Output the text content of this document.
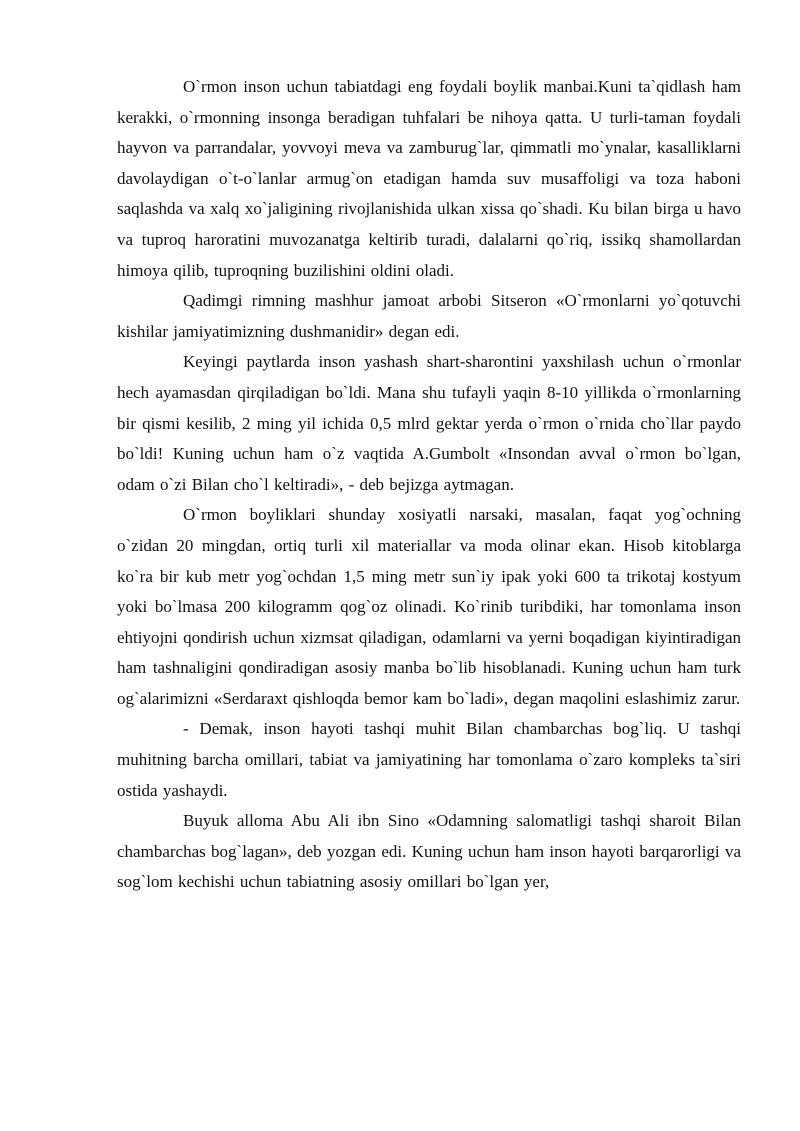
O`rmon inson uchun tabiatdagi eng foydali boylik manbai.Kuni ta`qidlash ham kerakki, o`rmonning insonga beradigan tuhfalari be nihoya qatta. U turli-taman foydali hayvon va parrandalar, yovvoyi meva va zamburug`lar, qimmatli mo`ynalar, kasalliklarni davolaydigan o`t-o`lanlar armug`on etadigan hamda suv musaffoligi va toza haboni saqlashda va xalq xo`jaligining rivojlanishida ulkan xissa qo`shadi. Ku bilan birga u havo va tuproq haroratini muvozanatga keltirib turadi, dalalarni qo`riq, issikq shamollardan himoya qilib, tuproqning buzilishini oldini oladi.

Qadimgi rimning mashhur jamoat arbobi Sitseron «O`rmonlarni yo`qotuvchi kishilar jamiyatimizning dushmanidir» degan edi.

Keyingi paytlarda inson yashash shart-sharontini yaxshilash uchun o`rmonlar hech ayamasdan qirqiladigan bo`ldi. Mana shu tufayli yaqin 8-10 yillikda o`rmonlarning bir qismi kesilib, 2 ming yil ichida 0,5 mlrd gektar yerda o`rmon o`rnida cho`llar paydo bo`ldi! Kuning uchun ham o`z vaqtida A.Gumbolt «Insondan avval o`rmon bo`lgan, odam o`zi Bilan cho`l keltiradi», - deb bejizga aytmagan.

O`rmon boyliklari shunday xosiyatli narsaki, masalan, faqat yog`ochning o`zidan 20 mingdan, ortiq turli xil materiallar va moda olinar ekan. Hisob kitoblarga ko`ra bir kub metr yog`ochdan 1,5 ming metr sun`iy ipak yoki 600 ta trikotaj kostyum yoki bo`lmasa 200 kilogramm qog`oz olinadi. Ko`rinib turibdiki, har tomonlama inson ehtiyojni qondirish uchun xizmsat qiladigan, odamlarni va yerni boqadigan kiyintiradigan ham tashnaligini qondiradigan asosiy manba bo`lib hisoblanadi. Kuning uchun ham turk og`alarimizni «Serdaraxt qishloqda bemor kam bo`ladi», degan maqolini eslashimiz zarur.

- Demak, inson hayoti tashqi muhit Bilan chambarchas bog`liq. U tashqi muhitning barcha omillari, tabiat va jamiyatining har tomonlama o`zaro kompleks ta`siri ostida yashaydi.

Buyuk alloma Abu Ali ibn Sino «Odamning salomatligi tashqi sharoit Bilan chambarchas bog`lagan», deb yozgan edi. Kuning uchun ham inson hayoti barqarorligi va sog`lom kechishi uchun tabiatning asosiy omillari bo`lgan yer,
